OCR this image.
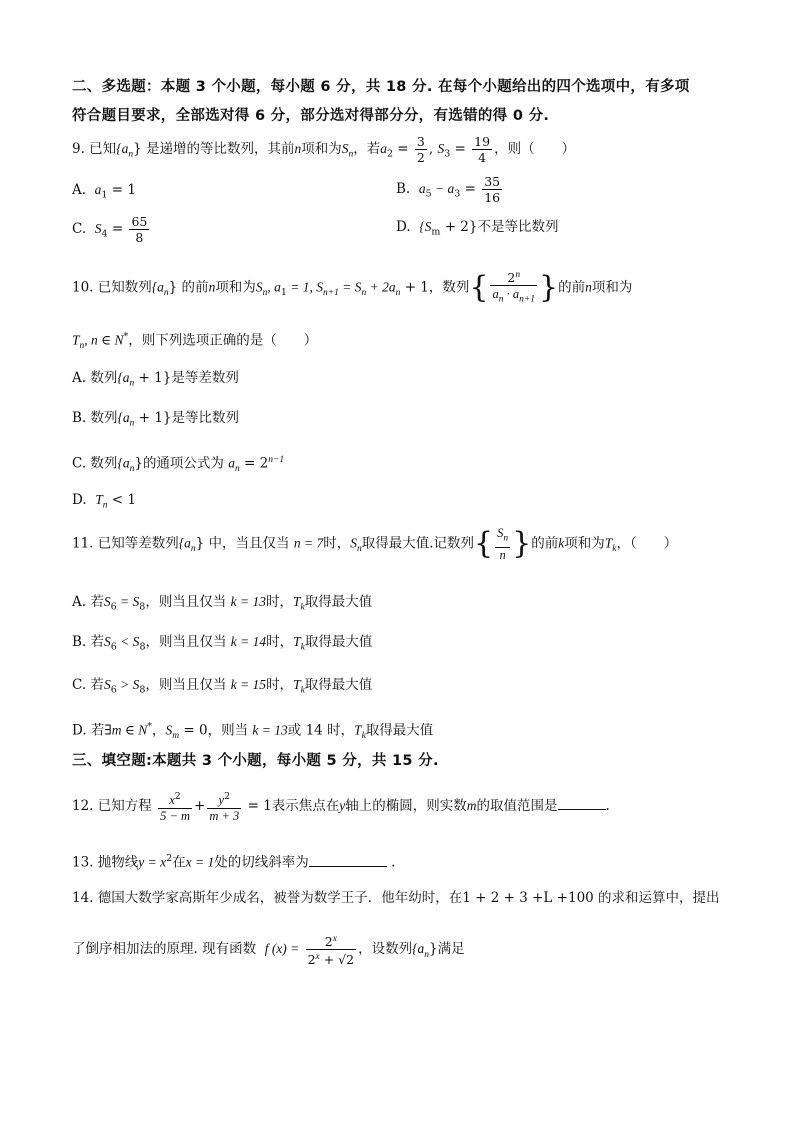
二、多选题：本题 3 个小题，每小题 6 分，共 18 分. 在每个小题给出的四个选项中，有多项
符合题目要求，全部选对得 6 分，部分选对得部分分，有选错的得 0 分.
9. 已知$\{a_n\}$ 是递增的等比数列，其前n项和为$S_n$，若$a_2 = \frac{3}{2}$ , $S_3 = \frac{19}{4}$ ，则（　　）
A. $a_1 = 1$	B. $a_5 - a_3 = \frac{35}{16}$
C. $S_4 = \frac{65}{8}$	D. $\{S_m + 2\}$不是等比数列
10. 已知数列$\{a_n\}$ 的前n项和为$S_n$, $a_1 = 1$, $S_{n+1} = S_n + 2a_n + 1$，数列{ $\frac{2^n}{a_n \cdot a_{n+1}}$ }的前n项和为
$T_n$, n ∈ N*，则下列选项正确的是（　　）
A. 数列$\{a_n + 1\}$是等差数列
B. 数列$\{a_n + 1\}$是等比数列
C. 数列$\{a_n\}$的通项公式为 $a_n = 2^{n-1}$
D. $T_n < 1$
11. 已知等差数列$\{a_n\}$ 中，当且仅当 n = 7时，$S_n$取得最大值.记数列{ $\frac{S_n}{n}$ }的前k项和为$T_k$，（　　）
A. 若$S_6 = S_8$，则当且仅当 k = 13时，$T_k$取得最大值
B. 若$S_6 < S_8$，则当且仅当 k = 14时，$T_k$取得最大值
C. 若$S_6 > S_8$，则当且仅当 k = 15时，$T_k$取得最大值
D. 若∃m ∈ N*，$S_m = 0$，则当 k = 13或 14 时，$T_k$取得最大值
三、填空题:本题共 3 个小题，每小题 5 分，共 15 分.
12. 已知方程 $\frac{x^2}{5 - m} + \frac{y^2}{m + 3} = 1$表示焦点在y轴上的椭圆，则实数m的取值范围是	.
13. 抛物线$y = x^2$在x = 1处的切线斜率为	.
14. 德国大数学家高斯年少成名，被誉为数学王子．他年幼时，在1 + 2 + 3 +L +100 的求和运算中，提出
了倒序相加法的原理. 现有函数 f $(x) = \frac{2^x}{2^x + √2}$ ，设数列$\{a_n\}$满足
